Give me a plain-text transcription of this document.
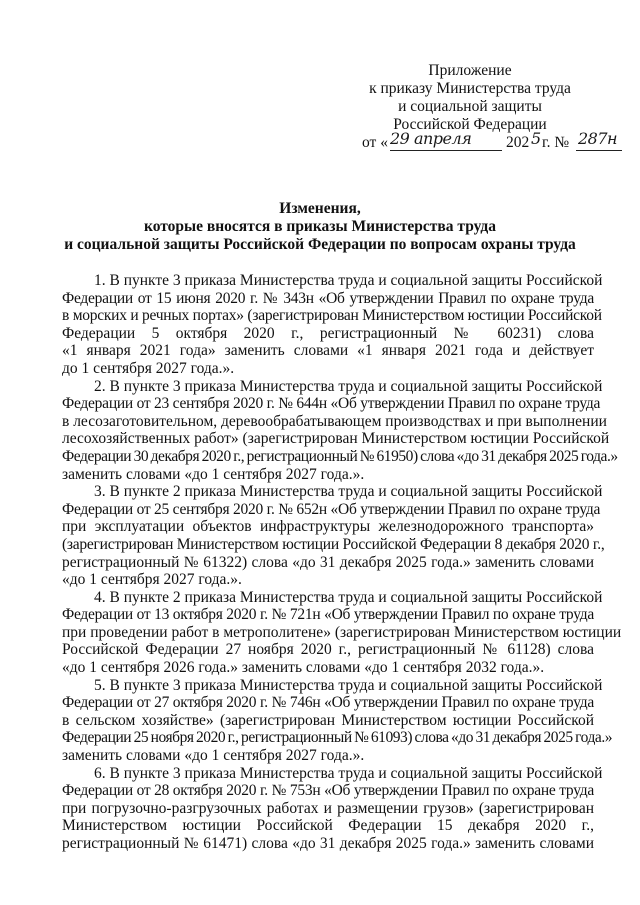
Приложение
к приказу Министерства труда
и социальной защиты
Российской Федерации
от « 29 апреля 202 5 г. № 287н
Изменения,
которые вносятся в приказы Министерства труда
и социальной защиты Российской Федерации по вопросам охраны труда
1. В пункте 3 приказа Министерства труда и социальной защиты Российской
Федерации от 15 июня 2020 г. № 343н «Об утверждении Правил по охране труда
в морских и речных портах» (зарегистрирован Министерством юстиции Российской
Федерации 5 октября 2020 г., регистрационный № 60231) слова
«1 января 2021 года» заменить словами «1 января 2021 года и действует
до 1 сентября 2027 года.».
2. В пункте 3 приказа Министерства труда и социальной защиты Российской
Федерации от 23 сентября 2020 г. № 644н «Об утверждении Правил по охране труда
в лесозаготовительном, деревообрабатывающем производствах и при выполнении
лесохозяйственных работ» (зарегистрирован Министерством юстиции Российской
Федерации 30 декабря 2020 г., регистрационный № 61950) слова «до 31 декабря 2025 года.»
заменить словами «до 1 сентября 2027 года.».
3. В пункте 2 приказа Министерства труда и социальной защиты Российской
Федерации от 25 сентября 2020 г. № 652н «Об утверждении Правил по охране труда
при эксплуатации объектов инфраструктуры железнодорожного транспорта»
(зарегистрирован Министерством юстиции Российской Федерации 8 декабря 2020 г.,
регистрационный № 61322) слова «до 31 декабря 2025 года.» заменить словами
«до 1 сентября 2027 года.».
4. В пункте 2 приказа Министерства труда и социальной защиты Российской
Федерации от 13 октября 2020 г. № 721н «Об утверждении Правил по охране труда
при проведении работ в метрополитене» (зарегистрирован Министерством юстиции
Российской Федерации 27 ноября 2020 г., регистрационный № 61128) слова
«до 1 сентября 2026 года.» заменить словами «до 1 сентября 2032 года.».
5. В пункте 3 приказа Министерства труда и социальной защиты Российской
Федерации от 27 октября 2020 г. № 746н «Об утверждении Правил по охране труда
в сельском хозяйстве» (зарегистрирован Министерством юстиции Российской
Федерации 25 ноября 2020 г., регистрационный № 61093) слова «до 31 декабря 2025 года.»
заменить словами «до 1 сентября 2027 года.».
6. В пункте 3 приказа Министерства труда и социальной защиты Российской
Федерации от 28 октября 2020 г. № 753н «Об утверждении Правил по охране труда
при погрузочно-разгрузочных работах и размещении грузов» (зарегистрирован
Министерством юстиции Российской Федерации 15 декабря 2020 г.,
регистрационный № 61471) слова «до 31 декабря 2025 года.» заменить словами
